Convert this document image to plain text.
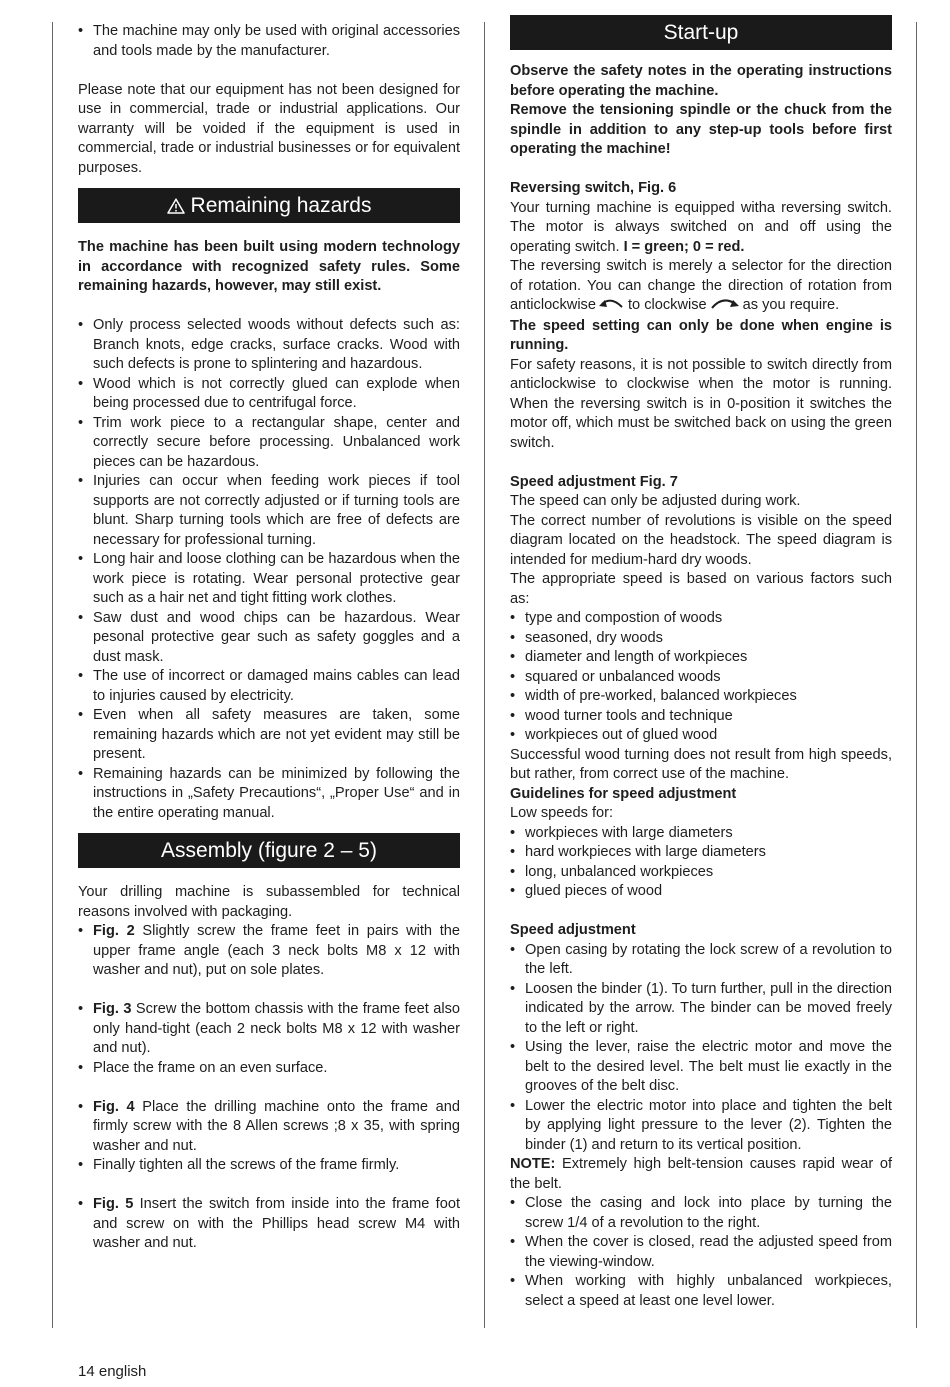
• The machine may only be used with original accessories and tools made by the manufacturer.

Please note that our equipment has not been designed for use in commercial, trade or industrial applications. Our warranty will be voided if the equipment is used in commercial, trade or industrial businesses or for equivalent purposes.

Remaining hazards

The machine has been built using modern technology in accordance with recognized safety rules. Some remaining hazards, however, may still exist.

• Only process selected woods without defects such as: Branch knots, edge cracks, surface cracks. Wood with such defects is prone to splintering and hazardous.
• Wood which is not correctly glued can explode when being processed due to centrifugal force.
• Trim work piece to a rectangular shape, center and correctly secure before processing. Unbalanced work pieces can be hazardous.
• Injuries can occur when feeding work pieces if tool supports are not correctly adjusted or if turning tools are blunt. Sharp turning tools which are free of defects are necessary for professional turning.
• Long hair and loose clothing can be hazardous when the work piece is rotating. Wear personal protective gear such as a hair net and tight fitting work clothes.
• Saw dust and wood chips can be hazardous. Wear pesonal protective gear such as safety goggles and a dust mask.
• The use of incorrect or damaged mains cables can lead to injuries caused by electricity.
• Even when all safety measures are taken, some remaining hazards which are not yet evident may still be present.
• Remaining hazards can be minimized by following the instructions in „Safety Precautions“, „Proper Use“ and in the entire operating manual.
Assembly (figure 2 – 5)

Your drilling machine is subassembled for technical reasons involved with packaging.

• Fig. 2 Slightly screw the frame feet in pairs with the upper frame angle (each 3 neck bolts M8 x 12 with washer and nut), put on sole plates.
• Fig. 3 Screw the bottom chassis with the frame feet also only hand-tight (each 2 neck bolts M8 x 12 with washer and nut).
• Place the frame on an even surface.
• Fig. 4 Place the drilling machine onto the frame and firmly screw with the 8 Allen screws ;8 x 35, with spring washer and nut.
• Finally tighten all the screws of the frame firmly.
• Fig. 5 Insert the switch from inside into the frame foot and screw on with the Phillips head screw M4 with washer and nut.
Start-up

Observe the safety notes in the operating instructions before operating the machine.
Remove the tensioning spindle or the chuck from the spindle in addition to any step-up tools before first operating the machine!

Reversing switch, Fig. 6

Your turning machine is equipped witha reversing switch. The motor is always switched on and off using the operating switch. I = green; 0 = red.

The reversing switch is merely a selector for the direction of rotation. You can change the direction of rotation from anticlockwise to clockwise as you require.

The speed setting can only be done when engine is running.

For safety reasons, it is not possible to switch directly from anticlockwise to clockwise when the motor is running. When the reversing switch is in 0-position it switches the motor off, which must be switched back on using the green switch.

Speed adjustment Fig. 7

The speed can only be adjusted during work.

The correct number of revolutions is visible on the speed diagram located on the headstock. The speed diagram is intended for medium-hard dry woods.

The appropriate speed is based on various factors such as:

• type and compostion of woods
• seasoned, dry woods
• diameter and length of workpieces
• squared or unbalanced woods
• width of pre-worked, balanced workpieces
• wood turner tools and technique
• workpieces out of glued wood

Successful wood turning does not result from high speeds, but rather, from correct use of the machine.

Guidelines for speed adjustment

Low speeds for:

• workpieces with large diameters
• hard workpieces with large diameters
• long, unbalanced workpieces
• glued pieces of wood

Speed adjustment

• Open casing by rotating the lock screw of a revolution to the left.
• Loosen the binder (1). To turn further, pull in the direction indicated by the arrow. The binder can be moved freely to the left or right.
• Using the lever, raise the electric motor and move the belt to the desired level. The belt must lie exactly in the grooves of the belt disc.
• Lower the electric motor into place and tighten the belt by applying light pressure to the lever (2). Tighten the binder (1) and return to its vertical position.

NOTE: Extremely high belt-tension causes rapid wear of the belt.

• Close the casing and lock into place by turning the screw 1/4 of a revolution to the right.
• When the cover is closed, read the adjusted speed from the viewing-window.
• When working with highly unbalanced workpieces, select a speed at least one level lower.
14 english
